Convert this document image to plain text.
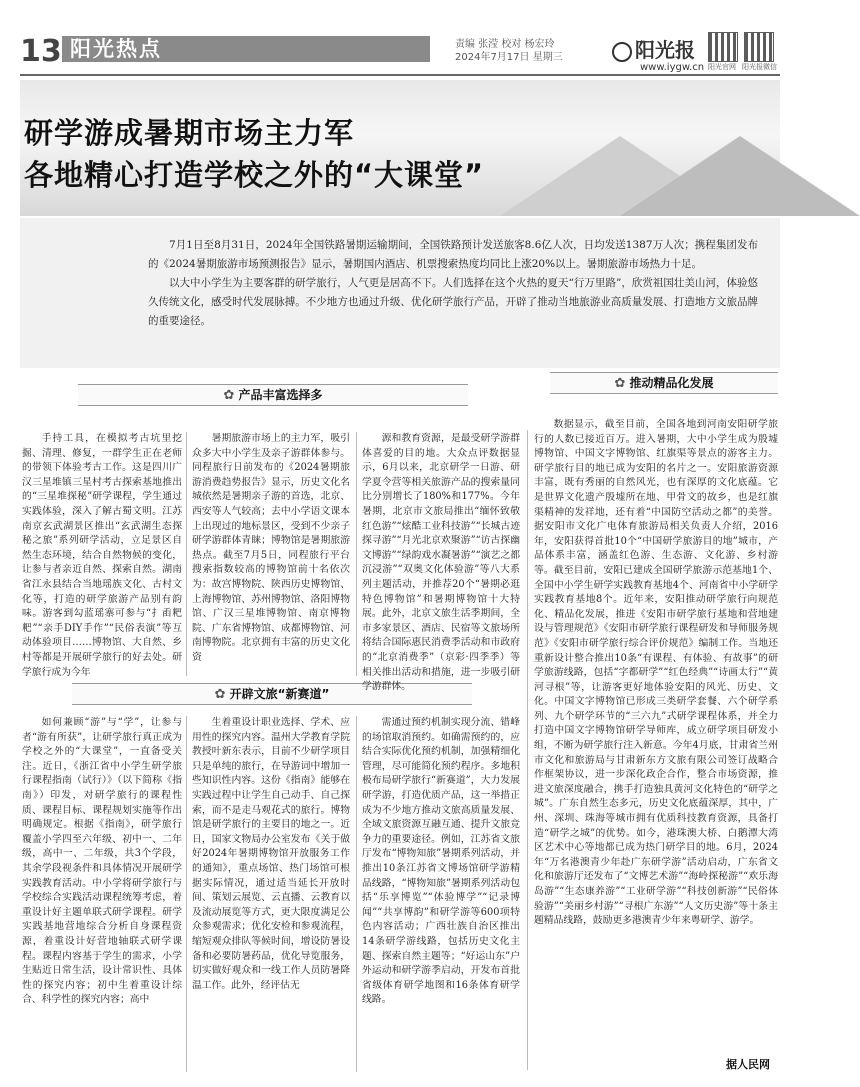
13 阳光热点	责编 张滢 校对 杨宏玲
2024年7月17日 星期三	阳光报
www.iygw.cn 阳光官网 阳光报微信
研学游成暑期市场主力军
各地精心打造学校之外的“大课堂”

7月1日至8月31日，2024年全国铁路暑期运输期间，全国铁路预计发送旅客8.6亿人次，日均发送1387万人次；携程集团发布的《2024暑期旅游市场预测报告》显示，暑期国内酒店、机票搜索热度均同比上涨20%以上。暑期旅游市场热力十足。

以大中小学生为主要客群的研学旅行，人气更是居高不下。人们选择在这个火热的夏天“行万里路”，欣赏祖国壮美山河，体验悠久传统文化，感受时代发展脉搏。不少地方也通过升级、优化研学旅行产品，开辟了推动当地旅游业高质量发展、打造地方文旅品牌的重要途径。

✿ 产品丰富选择多
✿ 推动精品化发展
✿ 开辟文旅“新赛道”

手持工具，在模拟考古坑里挖掘、清理、修复，一群学生正在老师的带领下体验考古工作。这是四川广汉三星堆镇三星村考古探索基地推出的“三星堆探秘”研学课程，学生通过实践体验，深入了解古蜀文明。江苏南京玄武湖景区推出“玄武湖生态探秘之旅”系列研学活动，立足景区自然生态环境，结合自然物候的变化，让参与者亲近自然、探索自然。湖南省江永县结合当地瑶族文化、古村文化等，打造的研学旅游产品别有韵味。游客到勾蓝瑶寨可参与“扌臿粑粑”“亲手DIY手作”“民俗表演”等互动体验项目……博物馆、大自然、乡村等都是开展研学旅行的好去处。研学旅行成为今年

暑期旅游市场上的主力军，吸引众多大中小学生及亲子游群体参与。同程旅行日前发布的《2024暑期旅游消费趋势报告》显示，历史文化名城依然是暑期亲子游的首选，北京、西安等人气较高；去中小学语文课本上出现过的地标景区，受到不少亲子研学游群体青睐；博物馆是暑期旅游热点。截至7月5日，同程旅行平台搜索指数较高的博物馆前十名依次为：故宫博物院、陕西历史博物馆、上海博物馆、苏州博物馆、洛阳博物馆、广汉三星堆博物馆、南京博物院、广东省博物馆、成都博物馆、河南博物院。北京拥有丰富的历史文化资

源和教育资源，是最受研学游群体喜爱的目的地。大众点评数据显示，6月以来，北京研学一日游、研学夏令营等相关旅游产品的搜索量同比分别增长了180%和177%。今年暑期，北京市文旅局推出“缅怀致敬红色游”“炫酷工业科技游”“长城古迹探寻游”“月光北京欢聚游”“访古探幽文博游”“绿韵戏水凝暑游”“演艺之都沉浸游”“双奥文化体验游”等八大系列主题活动，并推荐20个“暑期必逛特色博物馆”和暑期博物馆十大特展。此外，北京文旅生活季期间，全市多家景区、酒店、民宿等文旅场所将结合国际惠民消费季活动和市政府的“北京消费季”（京彩·四季季）等相关推出活动和措施，进一步吸引研学游群体。

数据显示，截至目前，全国各地到河南安阳研学旅行的人数已接近百万。进入暑期，大中小学生成为殷墟博物馆、中国文字博物馆、红旗渠等景点的游客主力。研学旅行目的地已成为安阳的名片之一。安阳旅游资源丰富，既有秀丽的自然风光，也有深厚的文化底蕴。它是世界文化遗产殷墟所在地、甲骨文的故乡，也是红旗渠精神的发祥地，还有着“中国防空活动之都”的美誉。据安阳市文化广电体育旅游局相关负责人介绍，2016年，安阳获得首批10个“中国研学旅游目的地”城市，产品体系丰富，涵盖红色游、生态游、文化游、乡村游等。截至目前，安阳已建成全国研学旅游示范基地1个、全国中小学生研学实践教育基地4个、河南省中小学研学实践教育基地8个。近年来，安阳推动研学旅行向规范化、精品化发展，推进《安阳市研学旅行基地和营地建设与管理规范》《安阳市研学旅行课程研发和导师服务规范》《安阳市研学旅行综合评价规范》编制工作。当地还重新设计整合推出10条“有课程、有体验、有故事”的研学旅游线路，包括“字都研学”“红色经典”“诗画太行”“黄河寻根”等，让游客更好地体验安阳的风光、历史、文化。中国文字博物馆已形成三类研学套餐、六个研学系列、九个研学环节的“三六九”式研学课程体系，并全力打造中国文字博物馆研学导师库，成立研学项目研发小组，不断为研学旅行注入新意。今年4月底，甘肃省兰州市文化和旅游局与甘肃新东方文旅有限公司签订战略合作框架协议，进一步深化政企合作，整合市场资源，推进文旅深度融合，携手打造独具黄河文化特色的“研学之城”。广东自然生态多元，历史文化底蕴深厚，其中，广州、深圳、珠海等城市拥有优质科技教育资源，具备打造“研学之城”的优势。如今，港珠澳大桥、白鹅潭大湾区艺术中心等地都已成为热门研学目的地。6月，2024年“万名港澳青少年赴广东研学游”活动启动，广东省文化和旅游厅还发布了“文博艺术游”“海岭探秘游”“欢乐海岛游”“生态康养游”“工业研学游”“科技创新游”“民俗体验游”“美丽乡村游”“寻根广东游”“人文历史游”等十条主题精品线路，鼓励更多港澳青少年来粤研学、游学。

据人民网

如何兼顾“游”与“学”，让参与者“游有所获”，让研学旅行真正成为学校之外的“大课堂”，一直备受关注。近日，《浙江省中小学生研学旅行课程指南（试行）》（以下简称《指南》）印发，对研学旅行的课程性质、课程目标、课程规划实施等作出明确规定。根据《指南》，研学旅行覆盖小学四至六年级、初中一、二年级，高中一、二年级，共3个学段，其余学段视条件和具体情况开展研学实践教育活动。中小学将研学旅行与学校综合实践活动课程统筹考虑，着重设计好主题单联式研学课程。研学实践基地营地综合分析自身课程资源，着重设计好营地轴联式研学课程。课程内容基于学生的需求，小学生贴近日常生活，设计常识性、具体性的探究内容；初中生着重设计综合、科学性的探究内容；高中

生着重设计职业选择、学术、应用性的探究内容。温州大学教育学院教授叶新东表示，目前不少研学项目只是单纯的旅行，在导游词中增加一些知识性内容。这份《指南》能够在实践过程中让学生自己动手、自己探索，而不是走马观花式的旅行。博物馆是研学旅行的主要目的地之一。近日，国家文物局办公室发布《关于做好2024年暑期博物馆开放服务工作的通知》，重点场馆、热门场馆可根据实际情况，通过适当延长开放时间、策划云展览、云直播、云教育以及流动展览等方式，更大限度满足公众参观需求；优化安检和参观流程，缩短观众排队等候时间，增设防暑设备和必要防暑药品，优化导览服务，切实做好观众和一线工作人员防暑降温工作。此外，经评估无

需通过预约机制实现分流、错峰的场馆取消预约。如确需预约的，应结合实际优化预约机制，加强精细化管理，尽可能简化预约程序。多地积极布局研学旅行“新赛道”，大力发展研学游，打造优质产品，这一举措正成为不少地方推动文旅高质量发展、全域文旅资源互融互通、提升文旅竞争力的重要途径。例如，江苏省文旅厅发布“博物知旅”暑期系列活动，并推出10条江苏省文博场馆研学游精品线路，“博物知旅”暑期系列活动包括“乐享博览”“体验博学”“记录博闻”“共享博韵”和研学游等600项特色内容活动；广西壮族自治区推出14条研学游线路，包括历史文化主题、探索自然主题等；“好运山东”户外运动和研学游季启动，开发布首批省级体育研学地图和16条体育研学线路。
